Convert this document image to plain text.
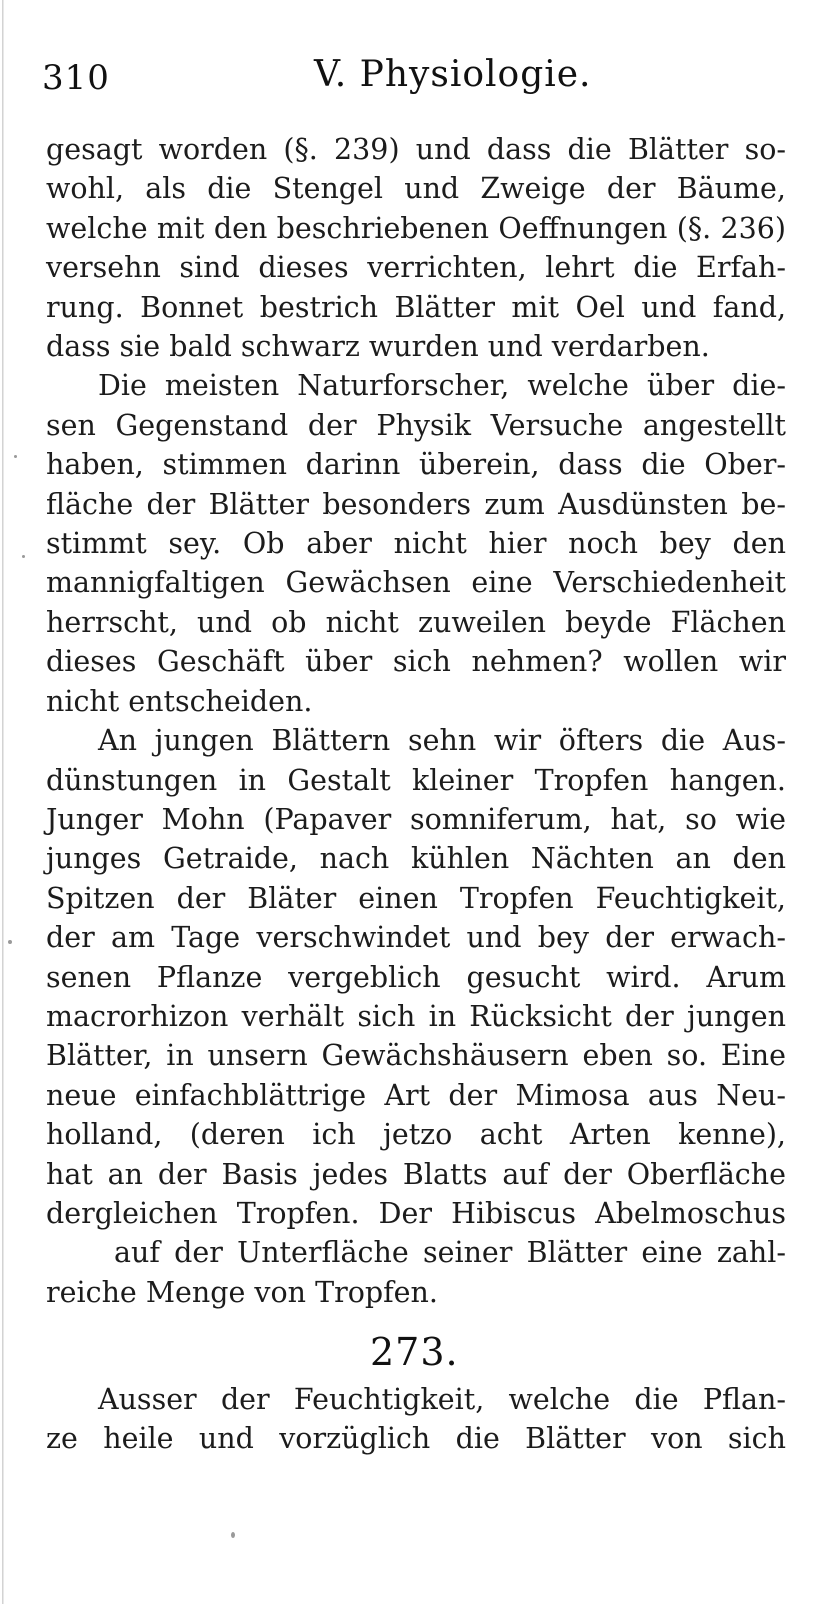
310	V. Physiologie.

gesagt worden (§. 239) und dass die Blätter so-

wohl, als die Stengel und Zweige der Bäume,

welche mit den beschriebenen Oeffnungen (§. 236)

versehn sind dieses verrichten, lehrt die Erfah-

rung. Bonnet bestrich Blätter mit Oel und fand,

dass sie bald schwarz wurden und verdarben.

Die meisten Naturforscher, welche über die-

sen Gegenstand der Physik Versuche angestellt

haben, stimmen darinn überein, dass die Ober-

fläche der Blätter besonders zum Ausdünsten be-

stimmt sey. Ob aber nicht hier noch bey den

mannigfaltigen Gewächsen eine Verschiedenheit

herrscht, und ob nicht zuweilen beyde Flächen

dieses Geschäft über sich nehmen? wollen wir

nicht entscheiden.

An jungen Blättern sehn wir öfters die Aus-

dünstungen in Gestalt kleiner Tropfen hangen.

Junger Mohn (Papaver somniferum, hat, so wie

junges Getraide, nach kühlen Nächten an den

Spitzen der Bläter einen Tropfen Feuchtigkeit,

der am Tage verschwindet und bey der erwach-

senen Pflanze vergeblich gesucht wird. Arum

macrorhizon verhält sich in Rücksicht der jungen

Blätter, in unsern Gewächshäusern eben so. Eine

neue einfachblättrige Art der Mimosa aus Neu-

holland, (deren ich jetzo acht Arten kenne),

hat an der Basis jedes Blatts auf der Oberfläche

dergleichen Tropfen. Der Hibiscus Abelmoschus

auf der Unterfläche seiner Blätter eine zahl-

reiche Menge von Tropfen.

273.

Ausser der Feuchtigkeit, welche die Pflan-

ze heile und vorzüglich die Blätter von sich
